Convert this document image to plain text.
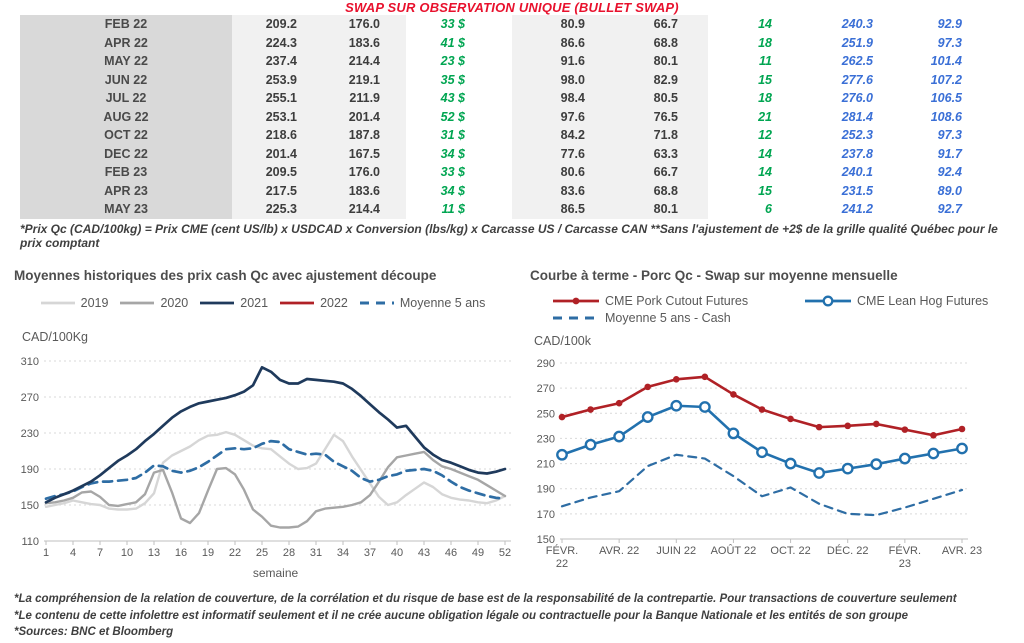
SWAP SUR OBSERVATION UNIQUE (BULLET SWAP)
FEB 22	209.2	176.0	33 $	80.9	66.7	14	240.3	92.9
APR 22	224.3	183.6	41 $	86.6	68.8	18	251.9	97.3
MAY 22	237.4	214.4	23 $	91.6	80.1	11	262.5	101.4
JUN 22	253.9	219.1	35 $	98.0	82.9	15	277.6	107.2
JUL 22	255.1	211.9	43 $	98.4	80.5	18	276.0	106.5
AUG 22	253.1	201.4	52 $	97.6	76.5	21	281.4	108.6
OCT 22	218.6	187.8	31 $	84.2	71.8	12	252.3	97.3
DEC 22	201.4	167.5	34 $	77.6	63.3	14	237.8	91.7
FEB 23	209.5	176.0	33 $	80.6	66.7	14	240.1	92.4
APR 23	217.5	183.6	34 $	83.6	68.8	15	231.5	89.0
MAY 23	225.3	214.4	11 $	86.5	80.1	6	241.2	92.7
*Prix Qc (CAD/100kg) = Prix CME (cent US/lb) x USDCAD x Conversion (lbs/kg) x Carcasse US / Carcasse CAN **Sans l'ajustement de +2$ de la grille qualité Québec pour le prix comptant
Moyennes historiques des prix cash Qc avec ajustement découpe
2019	2020	2021	2022	Moyenne 5 ans
CAD/100Kg
110
150
190
230
270
310
1 4 7 10 13 16 19 22 25 28 31 34 37 40 43 46 49 52
semaine
Courbe à terme - Porc Qc - Swap sur moyenne mensuelle
CME Pork Cutout Futures	CME Lean Hog Futures
Moyenne 5 ans - Cash
CAD/100k
150
170
190
210
230
250
270
290
FÉVR.
22
AVR. 22 JUIN 22 AOÛT 22 OCT. 22 DÉC. 22 FÉVR.
23
AVR. 23
*La compréhension de la relation de couverture, de la corrélation et du risque de base est de la responsabilité de la contrepartie. Pour transactions de couverture seulement
*Le contenu de cette infolettre est informatif seulement et il ne crée aucune obligation légale ou contractuelle pour la Banque Nationale et les entités de son groupe
*Sources: BNC et Bloomberg
